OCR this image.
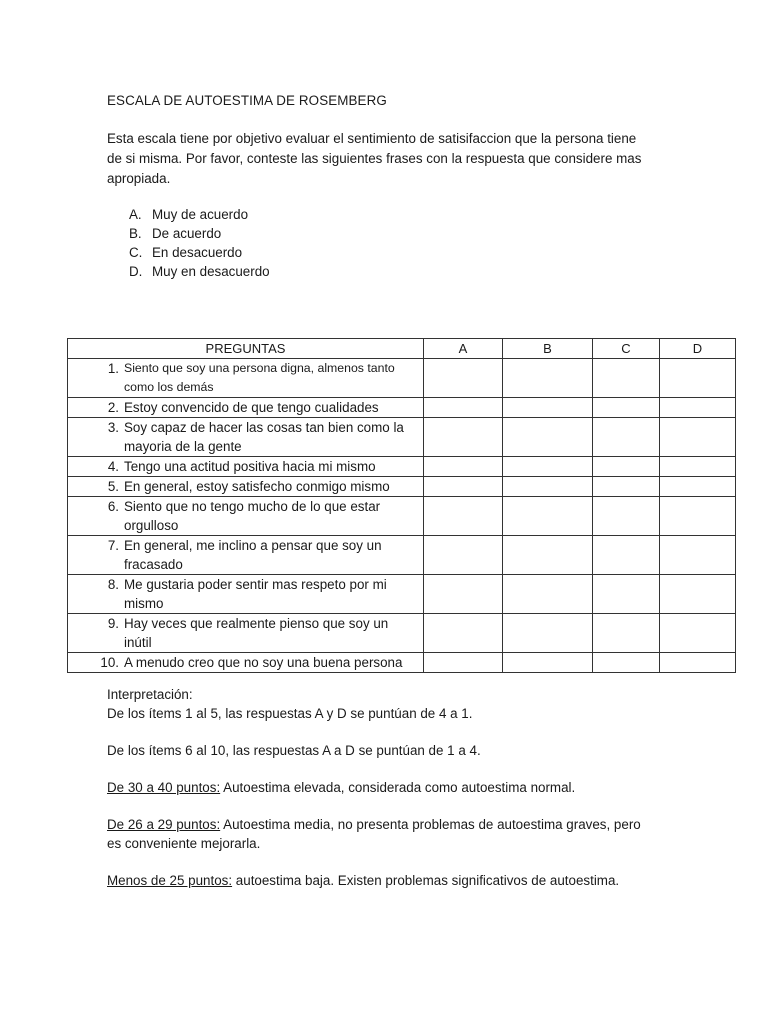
ESCALA DE AUTOESTIMA DE ROSEMBERG
Esta escala tiene por objetivo evaluar el sentimiento de satisifaccion que la persona tiene
de si misma. Por favor, conteste las siguientes frases con la respuesta que considere mas
apropiada.
A. Muy de acuerdo
B. De acuerdo
C. En desacuerdo
D. Muy en desacuerdo
PREGUNTAS	A	B	C	D

1. Siento que soy una persona digna, almenos tanto como los demás				

2. Estoy convencido de que tengo cualidades				

3. Soy capaz de hacer las cosas tan bien como la mayoria de la gente				

4. Tengo una actitud positiva hacia mi mismo				

5. En general, estoy satisfecho conmigo mismo				

6. Siento que no tengo mucho de lo que estar orgulloso				

7. En general, me inclino a pensar que soy un fracasado				

8. Me gustaria poder sentir mas respeto por mi mismo				

9. Hay veces que realmente pienso que soy un inútil				

10. A menudo creo que no soy una buena persona				

Interpretación:
De los ítems 1 al 5, las respuestas A y D se puntúan de 4 a 1.
De los ítems 6 al 10, las respuestas A a D se puntúan de 1 a 4.
De 30 a 40 puntos: Autoestima elevada, considerada como autoestima normal.
De 26 a 29 puntos: Autoestima media, no presenta problemas de autoestima graves, pero
es conveniente mejorarla.
Menos de 25 puntos: autoestima baja. Existen problemas significativos de autoestima.
